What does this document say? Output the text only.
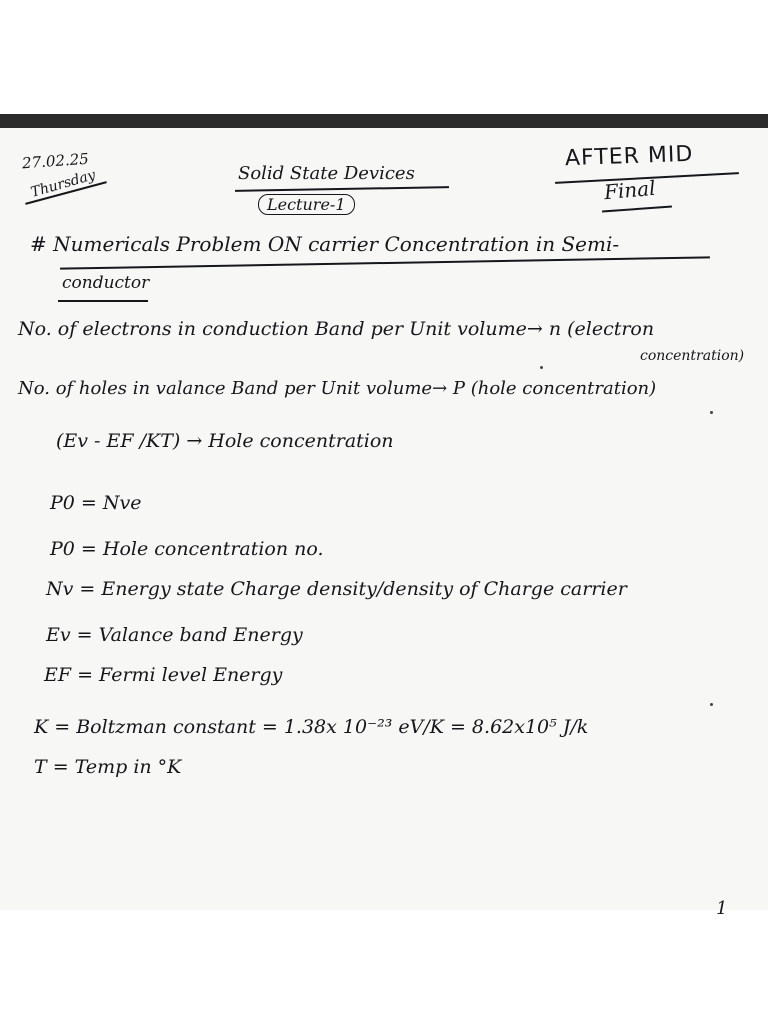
27.02.25
Thursday	Solid State Devices
Lecture-1
AFTER MID
Final
# Numericals Problem ON carrier Concentration in Semi-
conductor
No. of electrons in conduction Band per Unit volume→ n (electron
concentration)
No. of holes in valance Band per Unit volume→ P (hole concentration)
(Ev - EF /KT) → Hole concentration
P0 = Nve
P0 = Hole concentration no.
Nv = Energy state Charge density/density of Charge carrier
Ev = Valance band Energy
EF = Fermi level Energy
K = Boltzman constant = 1.38x 10⁻²³ eV/K = 8.62x10⁵ J/k
T = Temp in °K
1
